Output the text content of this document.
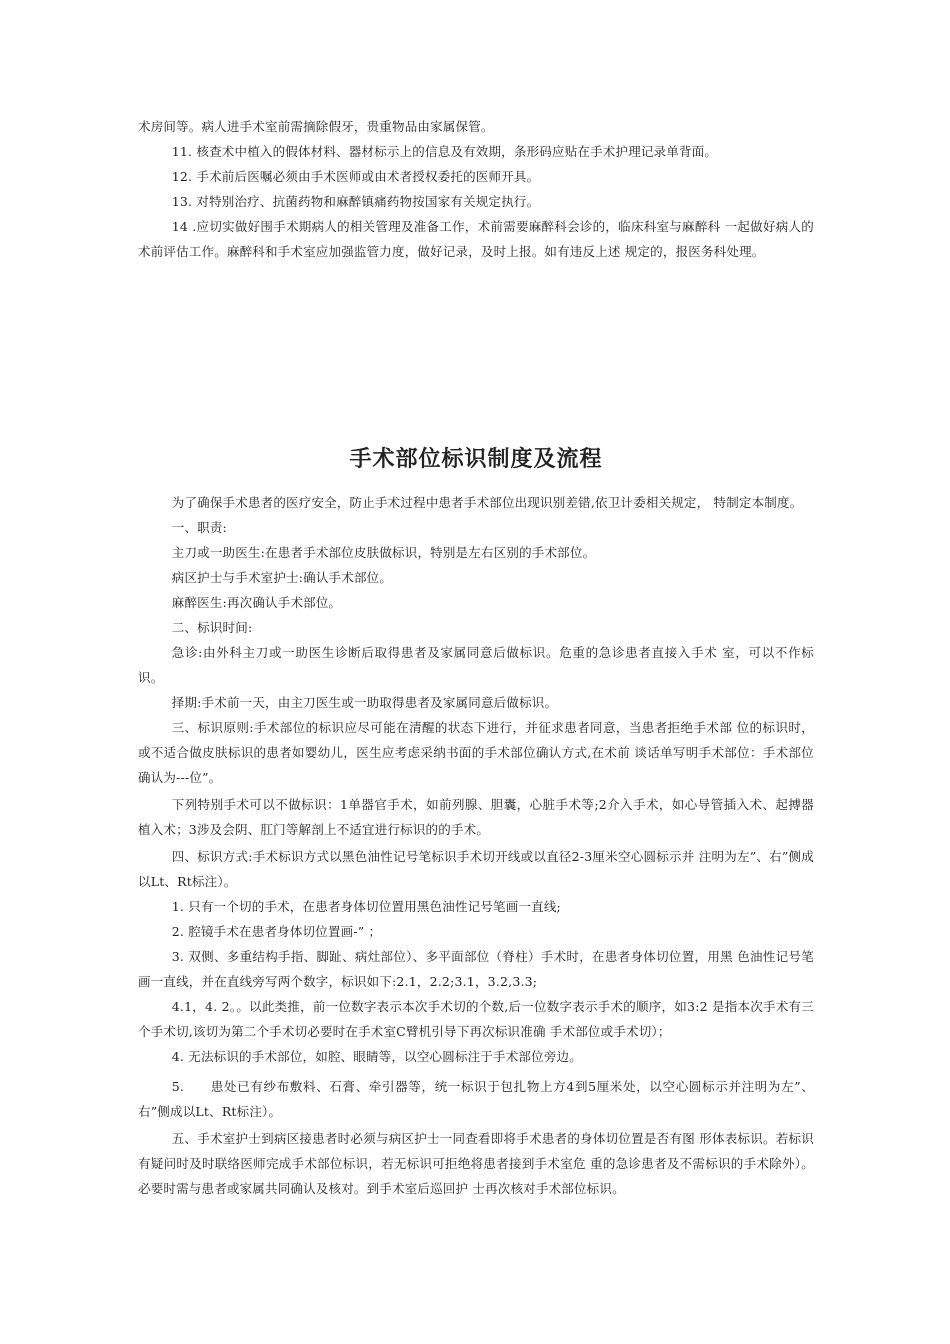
术房间等。病人进手术室前需摘除假牙，贵重物品由家属保管。

11. 核查术中植入的假体材料、器材标示上的信息及有效期，条形码应贴在手术护理记录单背面。

12. 手术前后医嘱必须由手术医师或由术者授权委托的医师开具。

13. 对特别治疗、抗菌药物和麻醉镇痛药物按国家有关规定执行。

14 .应切实做好围手术期病人的相关管理及准备工作，术前需要麻醉科会诊的，临床科室与麻醉科 一起做好病人的术前评估工作。麻醉科和手术室应加强监管力度，做好记录，及时上报。如有违反上述 规定的，报医务科处理。

手术部位标识制度及流程

为了确保手术患者的医疗安全，防止手术过程中患者手术部位出现识别差错,依卫计委相关规定， 特制定本制度。

一、职责:

主刀或一助医生:在患者手术部位皮肤做标识，特别是左右区别的手术部位。

病区护士与手术室护士:确认手术部位。

麻醉医生:再次确认手术部位。

二、标识时间:

急诊:由外科主刀或一助医生诊断后取得患者及家属同意后做标识。危重的急诊患者直接入手术 室，可以不作标识。

择期:手术前一天，由主刀医生或一助取得患者及家属同意后做标识。

三、标识原则:手术部位的标识应尽可能在清醒的状态下进行，并征求患者同意，当患者拒绝手术部 位的标识时，或不适合做皮肤标识的患者如婴幼儿，医生应考虑采纳书面的手术部位确认方式,在术前 谈话单写明手术部位：手术部位确认为---位”。

下列特别手术可以不做标识：1单器官手术，如前列腺、胆囊，心脏手术等;2介入手术，如心导管插入术、起搏器植入术；3涉及会阴、肛门等解剖上不适宜进行标识的的手术。

四、标识方式:手术标识方式以黑色油性记号笔标识手术切开线或以直径2-3厘米空心圆标示并 注明为左”、右”侧成以Lt、Rt标注）。

1. 只有一个切的手术，在患者身体切位置用黑色油性记号笔画一直线;

2. 腔镜手术在患者身体切位置画-” ；

3. 双侧、多重结构手指、脚趾、病灶部位）、多平面部位（脊柱）手术时，在患者身体切位置，用黑 色油性记号笔画一直线，并在直线旁写两个数字，标识如下:2.1，2.2;3.1，3.2,3.3;

4.1，4. 2。。以此类推，前一位数字表示本次手术切的个数,后一位数字表示手术的顺序，如3:2 是指本次手术有三个手术切,该切为第二个手术切必要时在手术室C臂机引导下再次标识准确 手术部位或手术切）；

4. 无法标识的手术部位，如腔、眼睛等，以空心圆标注于手术部位旁边。

5.　　患处已有纱布敷料、石膏、牵引器等，统一标识于包扎物上方4到5厘米处，以空心圆标示并注明为左”、右”侧成以Lt、Rt标注）。

五、手术室护士到病区接患者时必须与病区护士一同查看即将手术患者的身体切位置是否有图 形体表标识。若标识有疑问时及时联络医师完成手术部位标识，若无标识可拒绝将患者接到手术室危 重的急诊患者及不需标识的手术除外）。必要时需与患者或家属共同确认及核对。到手术室后巡回护 士再次核对手术部位标识。
